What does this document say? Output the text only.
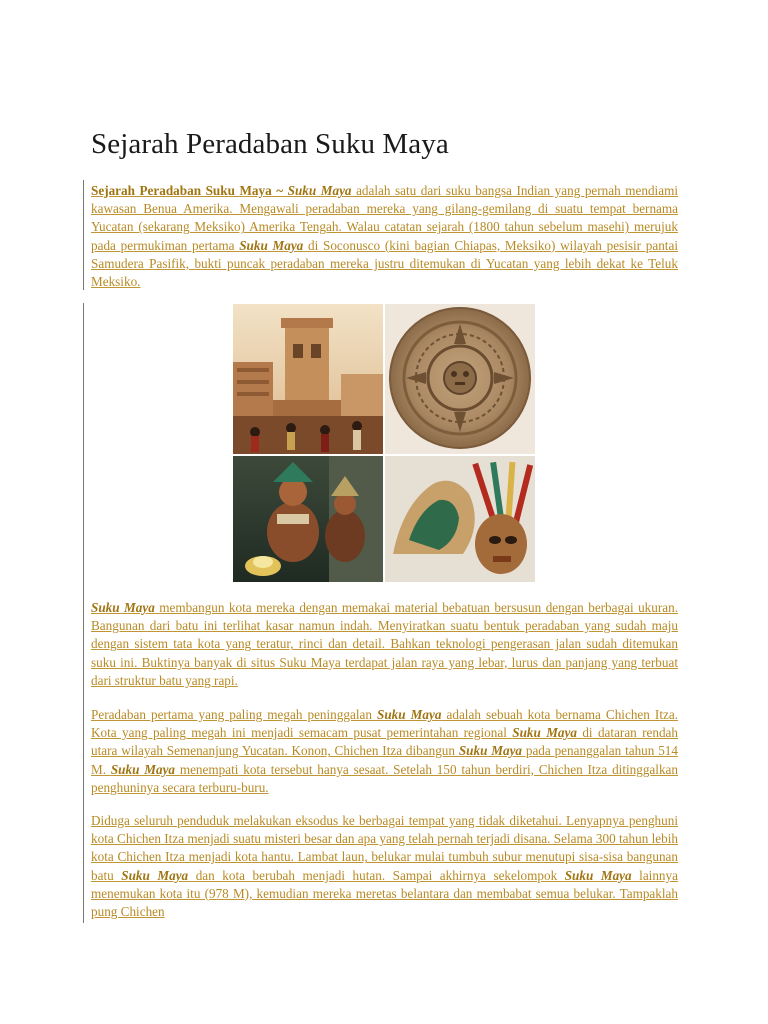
Sejarah Peradaban Suku Maya

Sejarah Peradaban Suku Maya ~ Suku Maya adalah satu dari suku bangsa Indian yang pernah mendiami kawasan Benua Amerika. Mengawali peradaban mereka yang gilang-gemilang di suatu tempat bernama Yucatan (sekarang Meksiko) Amerika Tengah. Walau catatan sejarah (1800 tahun sebelum masehi) merujuk pada permukiman pertama Suku Maya di Soconusco (kini bagian Chiapas, Meksiko) wilayah pesisir pantai Samudera Pasifik, bukti puncak peradaban mereka justru ditemukan di Yucatan yang lebih dekat ke Teluk Meksiko.

Suku Maya membangun kota mereka dengan memakai material bebatuan bersusun dengan berbagai ukuran. Bangunan dari batu ini terlihat kasar namun indah. Menyiratkan suatu bentuk peradaban yang sudah maju dengan sistem tata kota yang teratur, rinci dan detail. Bahkan teknologi pengerasan jalan sudah ditemukan suku ini. Buktinya banyak di situs Suku Maya terdapat jalan raya yang lebar, lurus dan panjang yang terbuat dari struktur batu yang rapi.

Peradaban pertama yang paling megah peninggalan Suku Maya adalah sebuah kota bernama Chichen Itza. Kota yang paling megah ini menjadi semacam pusat pemerintahan regional Suku Maya di dataran rendah utara wilayah Semenanjung Yucatan. Konon, Chichen Itza dibangun Suku Maya pada penanggalan tahun 514 M. Suku Maya menempati kota tersebut hanya sesaat. Setelah 150 tahun berdiri, Chichen Itza ditinggalkan penghuninya secara terburu-buru.

Diduga seluruh penduduk melakukan eksodus ke berbagai tempat yang tidak diketahui. Lenyapnya penghuni kota Chichen Itza menjadi suatu misteri besar dan apa yang telah pernah terjadi disana. Selama 300 tahun lebih kota Chichen Itza menjadi kota hantu. Lambat laun, belukar mulai tumbuh subur menutupi sisa-sisa bangunan batu Suku Maya dan kota berubah menjadi hutan. Sampai akhirnya sekelompok Suku Maya lainnya menemukan kota itu (978 M), kemudian mereka meretas belantara dan membabat semua belukar. Tampaklah pung Chichen
